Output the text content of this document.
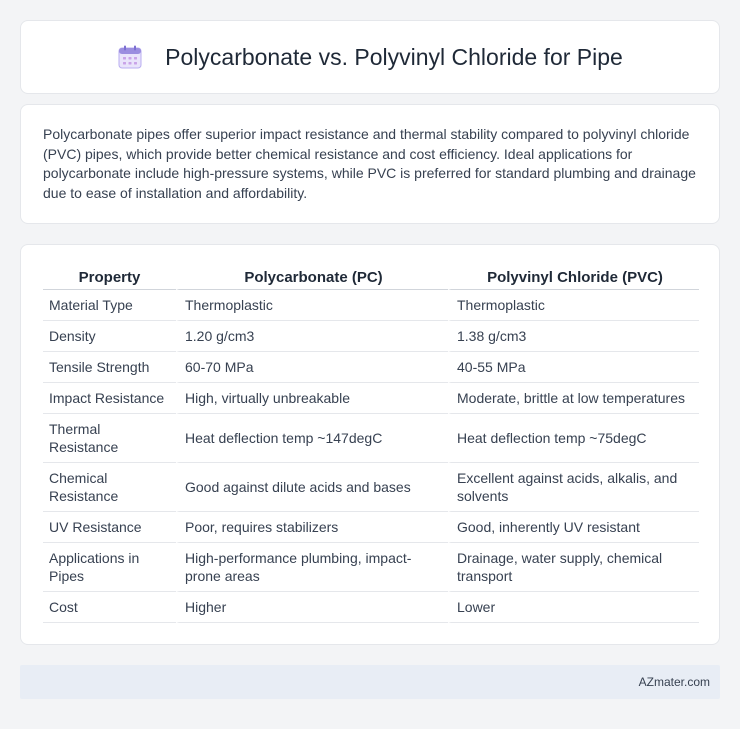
Polycarbonate vs. Polyvinyl Chloride for Pipe

Polycarbonate pipes offer superior impact resistance and thermal stability compared to polyvinyl chloride (PVC) pipes, which provide better chemical resistance and cost efficiency. Ideal applications for polycarbonate include high-pressure systems, while PVC is preferred for standard plumbing and drainage due to ease of installation and affordability.

Property	Polycarbonate (PC)	Polyvinyl Chloride (PVC)
Material Type	Thermoplastic	Thermoplastic
Density	1.20 g/cm3	1.38 g/cm3
Tensile Strength	60-70 MPa	40-55 MPa
Impact Resistance	High, virtually unbreakable	Moderate, brittle at low temperatures
Thermal Resistance	Heat deflection temp ~147degC	Heat deflection temp ~75degC
Chemical Resistance	Good against dilute acids and bases	Excellent against acids, alkalis, and solvents
UV Resistance	Poor, requires stabilizers	Good, inherently UV resistant
Applications in Pipes	High-performance plumbing, impact-prone areas	Drainage, water supply, chemical transport
Cost	Higher	Lower
AZmater.com
